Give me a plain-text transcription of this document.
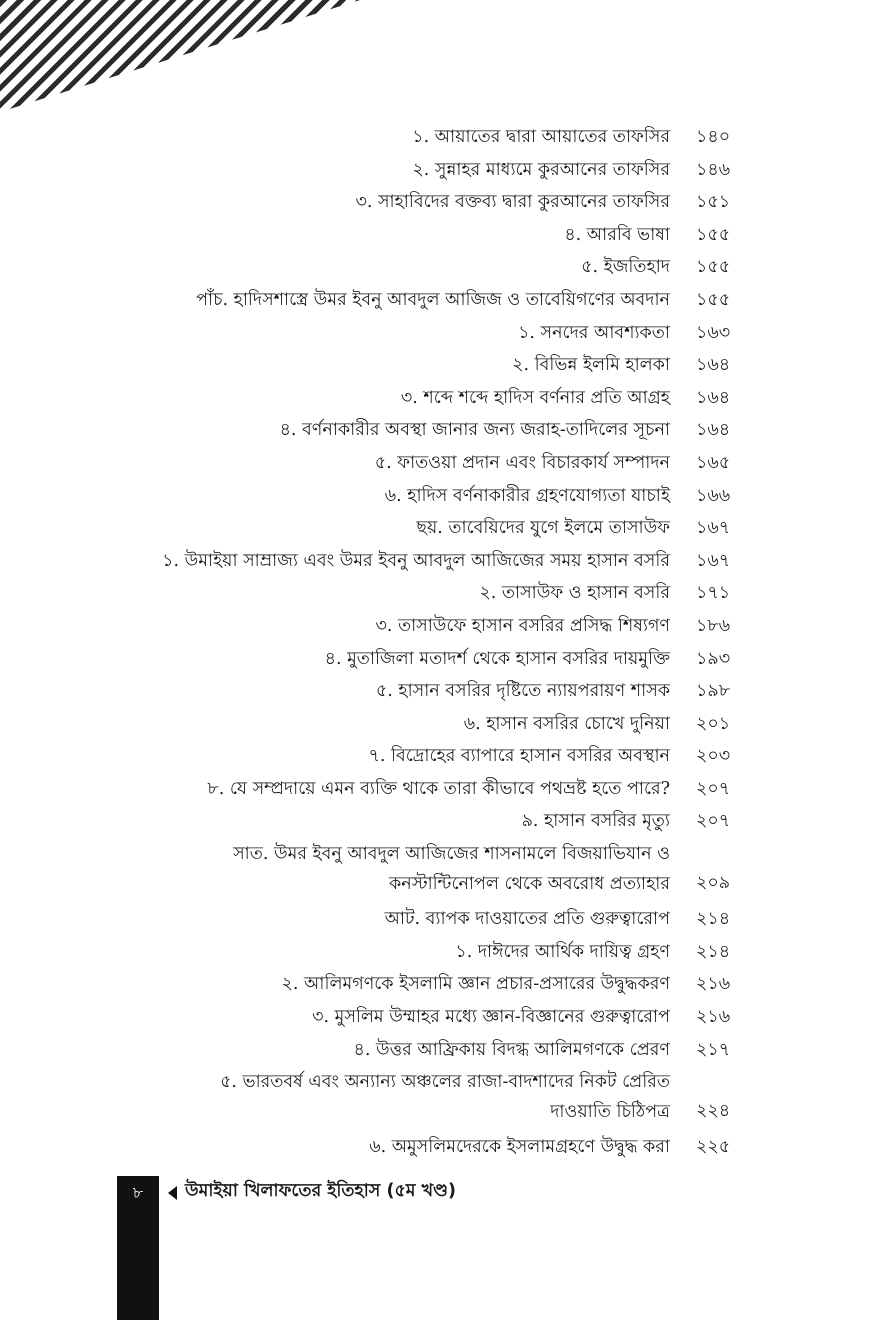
১. আয়াতের দ্বারা আয়াতের তাফসির ১৪০
২. সুন্নাহর মাধ্যমে কুরআনের তাফসির ১৪৬
৩. সাহাবিদের বক্তব্য দ্বারা কুরআনের তাফসির ১৫১
৪. আরবি ভাষা ১৫৫
৫. ইজতিহাদ ১৫৫
পাঁচ. হাদিসশাস্ত্রে উমর ইবনু আবদুল আজিজ ও তাবেয়িগণের অবদান ১৫৫
১. সনদের আবশ্যকতা ১৬৩
২. বিভিন্ন ইলমি হালকা ১৬৪
৩. শব্দে শব্দে হাদিস বর্ণনার প্রতি আগ্রহ ১৬৪
৪. বর্ণনাকারীর অবস্থা জানার জন্য জরাহ-তাদিলের সূচনা ১৬৪
৫. ফাতওয়া প্রদান এবং বিচারকার্য সম্পাদন ১৬৫
৬. হাদিস বর্ণনাকারীর গ্রহণযোগ্যতা যাচাই ১৬৬
ছয়. তাবেয়িদের যুগে ইলমে তাসাউফ ১৬৭
১. উমাইয়া সাম্রাজ্য এবং উমর ইবনু আবদুল আজিজের সময় হাসান বসরি ১৬৭
২. তাসাউফ ও হাসান বসরি ১৭১
৩. তাসাউফে হাসান বসরির প্রসিদ্ধ শিষ্যগণ ১৮৬
৪. মুতাজিলা মতাদর্শ থেকে হাসান বসরির দায়মুক্তি ১৯৩
৫. হাসান বসরির দৃষ্টিতে ন্যায়পরায়ণ শাসক ১৯৮
৬. হাসান বসরির চোখে দুনিয়া ২০১
৭. বিদ্রোহের ব্যাপারে হাসান বসরির অবস্থান ২০৩
৮. যে সম্প্রদায়ে এমন ব্যক্তি থাকে তারা কীভাবে পথভ্রষ্ট হতে পারে? ২০৭
৯. হাসান বসরির মৃত্যু ২০৭
সাত. উমর ইবনু আবদুল আজিজের শাসনামলে বিজয়াভিযান ও
কনস্টান্টিনোপল থেকে অবরোধ প্রত্যাহার ২০৯
আট. ব্যাপক দাওয়াতের প্রতি গুরুত্বারোপ ২১৪
১. দাঈদের আর্থিক দায়িত্ব গ্রহণ ২১৪
২. আলিমগণকে ইসলামি জ্ঞান প্রচার-প্রসারের উদ্বুদ্ধকরণ ২১৬
৩. মুসলিম উম্মাহর মধ্যে জ্ঞান-বিজ্ঞানের গুরুত্বারোপ ২১৬
৪. উত্তর আফ্রিকায় বিদগ্ধ আলিমগণকে প্রেরণ ২১৭
৫. ভারতবর্ষ এবং অন্যান্য অঞ্চলের রাজা-বাদশাদের নিকট প্রেরিত
দাওয়াতি চিঠিপত্র ২২৪
৬. অমুসলিমদেরকে ইসলামগ্রহণে উদ্বুদ্ধ করা ২২৫
৮	উমাইয়া খিলাফতের ইতিহাস (৫ম খণ্ড)
